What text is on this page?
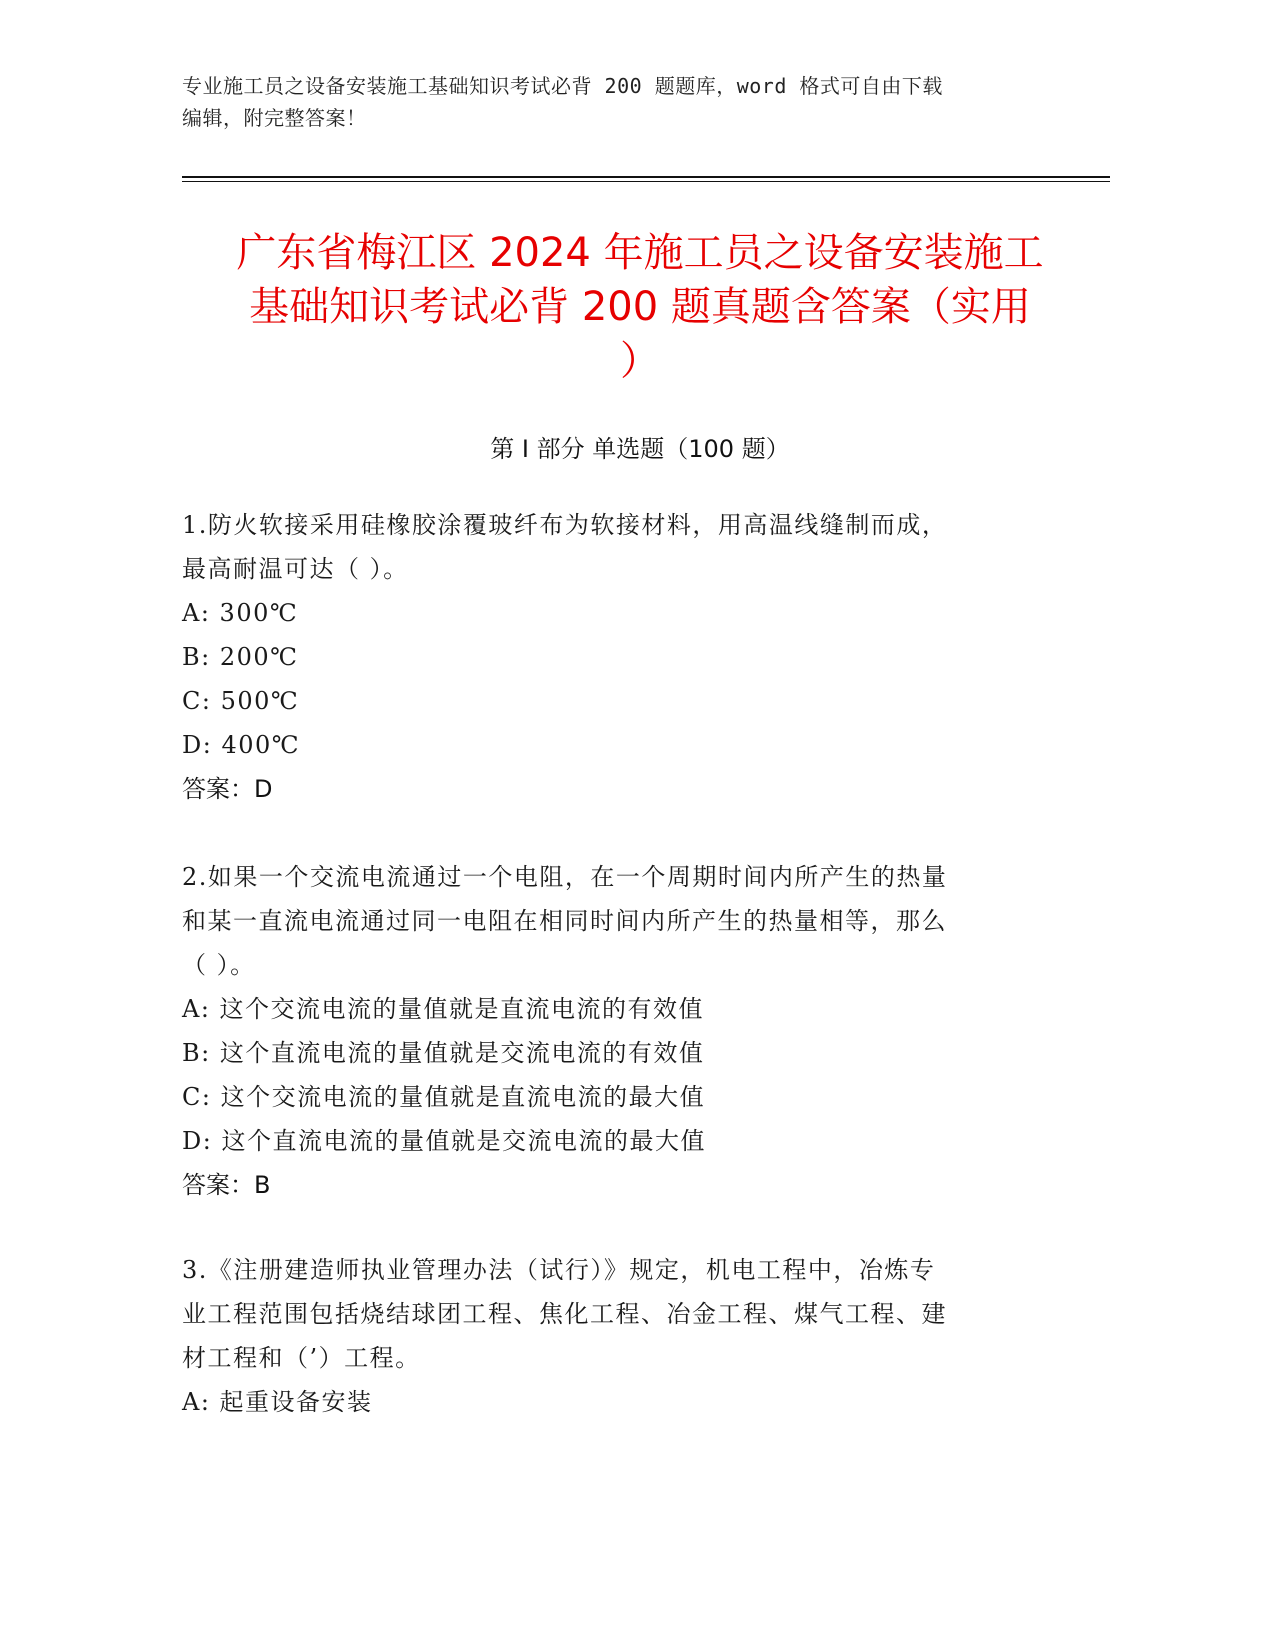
专业施工员之设备安装施工基础知识考试必背 200 题题库，word 格式可自由下载
编辑，附完整答案！
广东省梅江区 2024 年施工员之设备安装施工
基础知识考试必背 200 题真题含答案（实用
）
第 I 部分 单选题（100 题）
1.防火软接采用硅橡胶涂覆玻纤布为软接材料，用高温线缝制而成，
最高耐温可达（ ）。
A: 300℃
B: 200℃
C: 500℃
D: 400℃
答案：D
2.如果一个交流电流通过一个电阻，在一个周期时间内所产生的热量
和某一直流电流通过同一电阻在相同时间内所产生的热量相等，那么
（ ）。
A: 这个交流电流的量值就是直流电流的有效值
B: 这个直流电流的量值就是交流电流的有效值
C: 这个交流电流的量值就是直流电流的最大值
D: 这个直流电流的量值就是交流电流的最大值
答案：B
3.《注册建造师执业管理办法（试行）》规定，机电工程中，冶炼专
业工程范围包括烧结球团工程、焦化工程、冶金工程、煤气工程、建
材工程和（’）工程。
A: 起重设备安装
